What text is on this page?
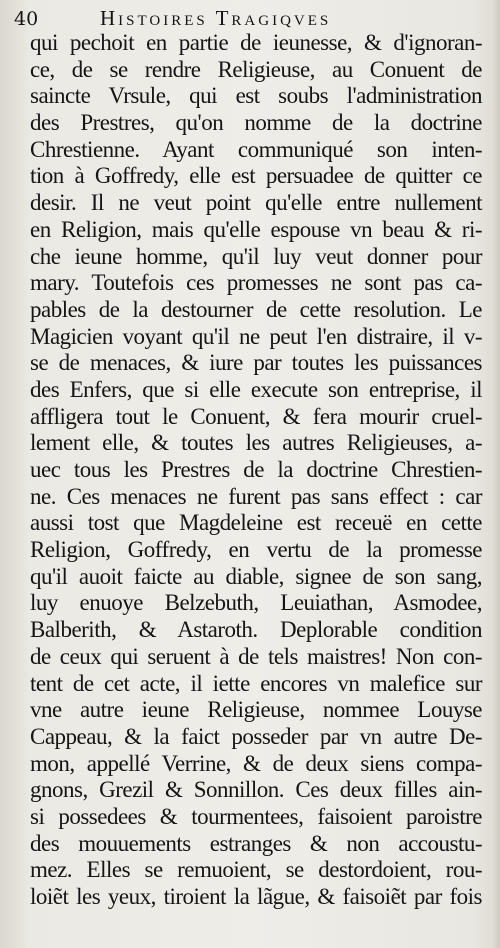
40	Histoires Tragiqves
qui pechoit en partie de ieunesse, & d'ignoran-
ce, de se rendre Religieuse, au Conuent de
saincte Vrsule, qui est soubs l'administration
des Prestres, qu'on nomme de la doctrine
Chrestienne. Ayant communiqué son inten-
tion à Goffredy, elle est persuadee de quitter ce
desir. Il ne veut point qu'elle entre nullement
en Religion, mais qu'elle espouse vn beau & ri-
che ieune homme, qu'il luy veut donner pour
mary. Toutefois ces promesses ne sont pas ca-
pables de la destourner de cette resolution. Le
Magicien voyant qu'il ne peut l'en distraire, il v-
se de menaces, & iure par toutes les puissances
des Enfers, que si elle execute son entreprise, il
affligera tout le Conuent, & fera mourir cruel-
lement elle, & toutes les autres Religieuses, a-
uec tous les Prestres de la doctrine Chrestien-
ne. Ces menaces ne furent pas sans effect : car
aussi tost que Magdeleine est receuë en cette
Religion, Goffredy, en vertu de la promesse
qu'il auoit faicte au diable, signee de son sang,
luy enuoye Belzebuth, Leuiathan, Asmodee,
Balberith, & Astaroth. Deplorable condition
de ceux qui seruent à de tels maistres! Non con-
tent de cet acte, il iette encores vn malefice sur
vne autre ieune Religieuse, nommee Louyse
Cappeau, & la faict posseder par vn autre De-
mon, appellé Verrine, & de deux siens compa-
gnons, Grezil & Sonnillon. Ces deux filles ain-
si possedees & tourmentees, faisoient paroistre
des mouuements estranges & non accoustu-
mez. Elles se remuoient, se destordoient, rou-
loiẽt les yeux, tiroient la lãgue, & faisoiẽt par fois
